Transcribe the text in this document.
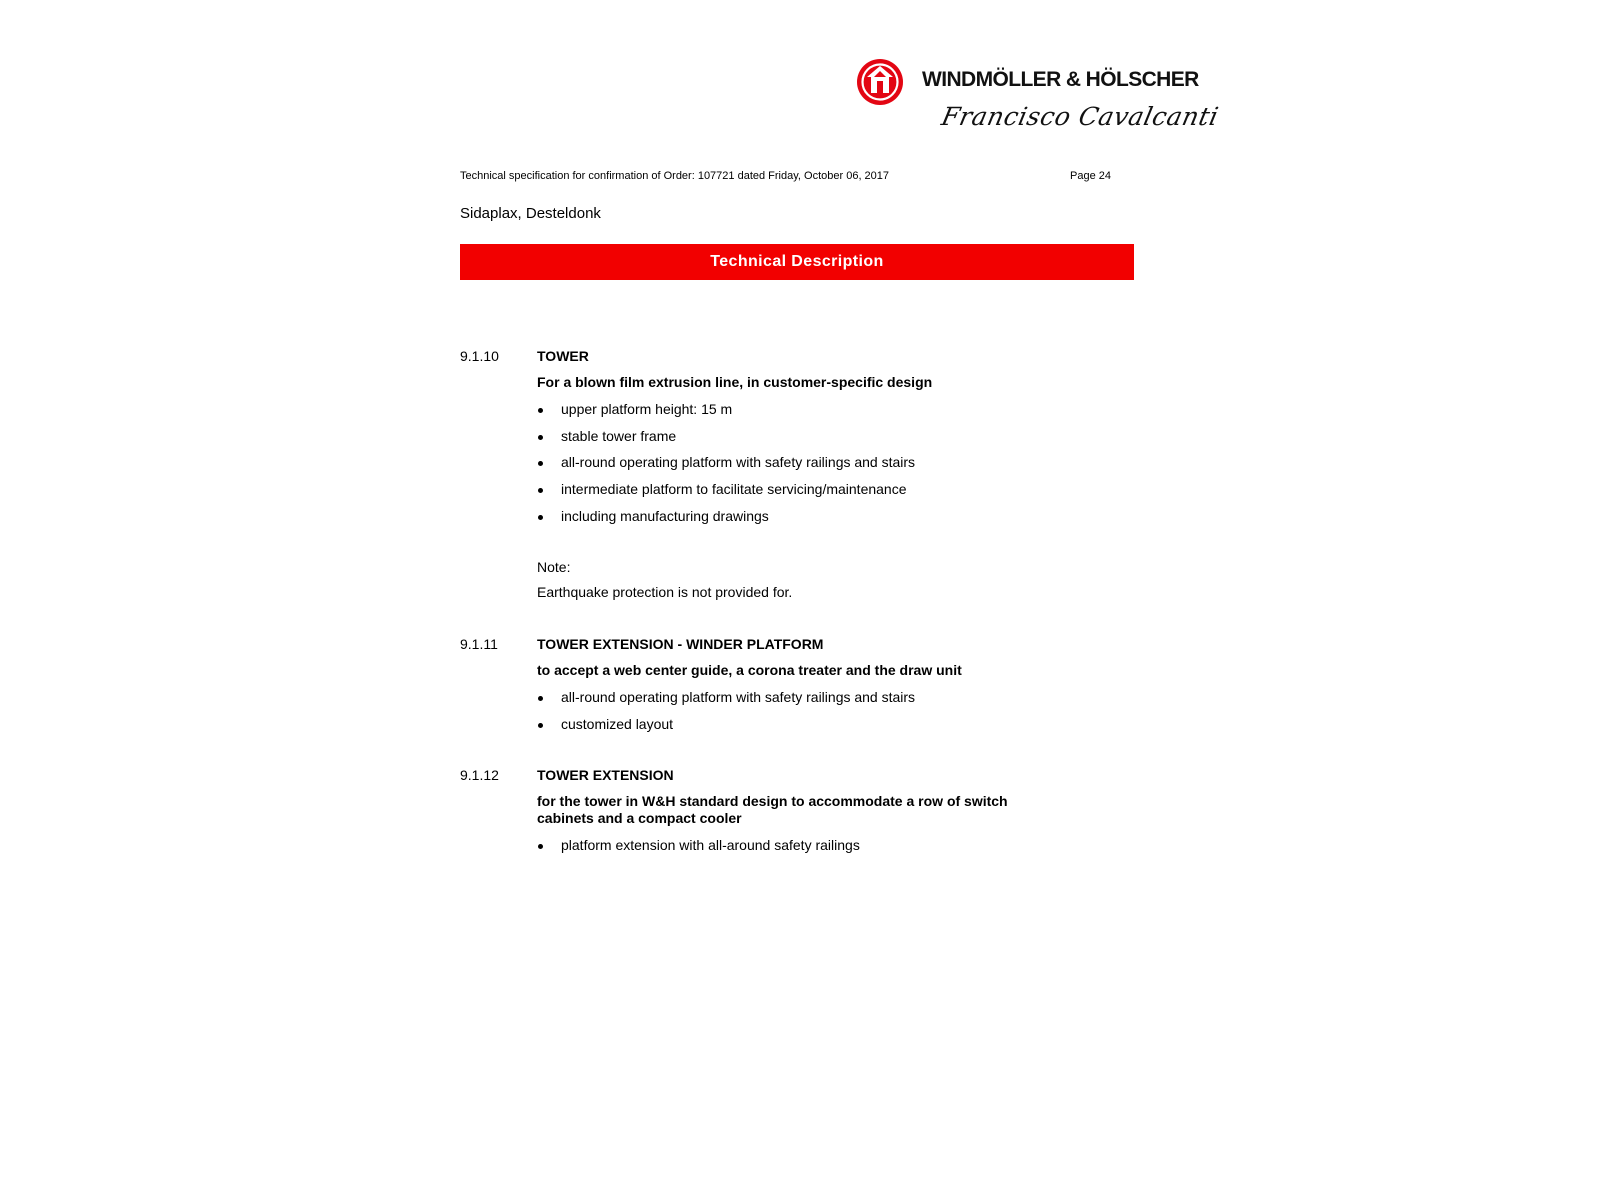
WINDMÖLLER & HÖLSCHER
Francisco Cavalcanti
Technical specification for confirmation of Order: 107721 dated Friday, October 06, 2017	Page 24
Sidaplax, Desteldonk
Technical Description
9.1.10	TOWER
For a blown film extrusion line, in customer-specific design
upper platform height: 15 m
stable tower frame
all-round operating platform with safety railings and stairs
intermediate platform to facilitate servicing/maintenance
including manufacturing drawings
Note:
Earthquake protection is not provided for.
9.1.11	TOWER EXTENSION - WINDER PLATFORM
to accept a web center guide, a corona treater and the draw unit
all-round operating platform with safety railings and stairs
customized layout
9.1.12	TOWER EXTENSION
for the tower in W&H standard design to accommodate a row of switch cabinets and a compact cooler
platform extension with all-around safety railings
